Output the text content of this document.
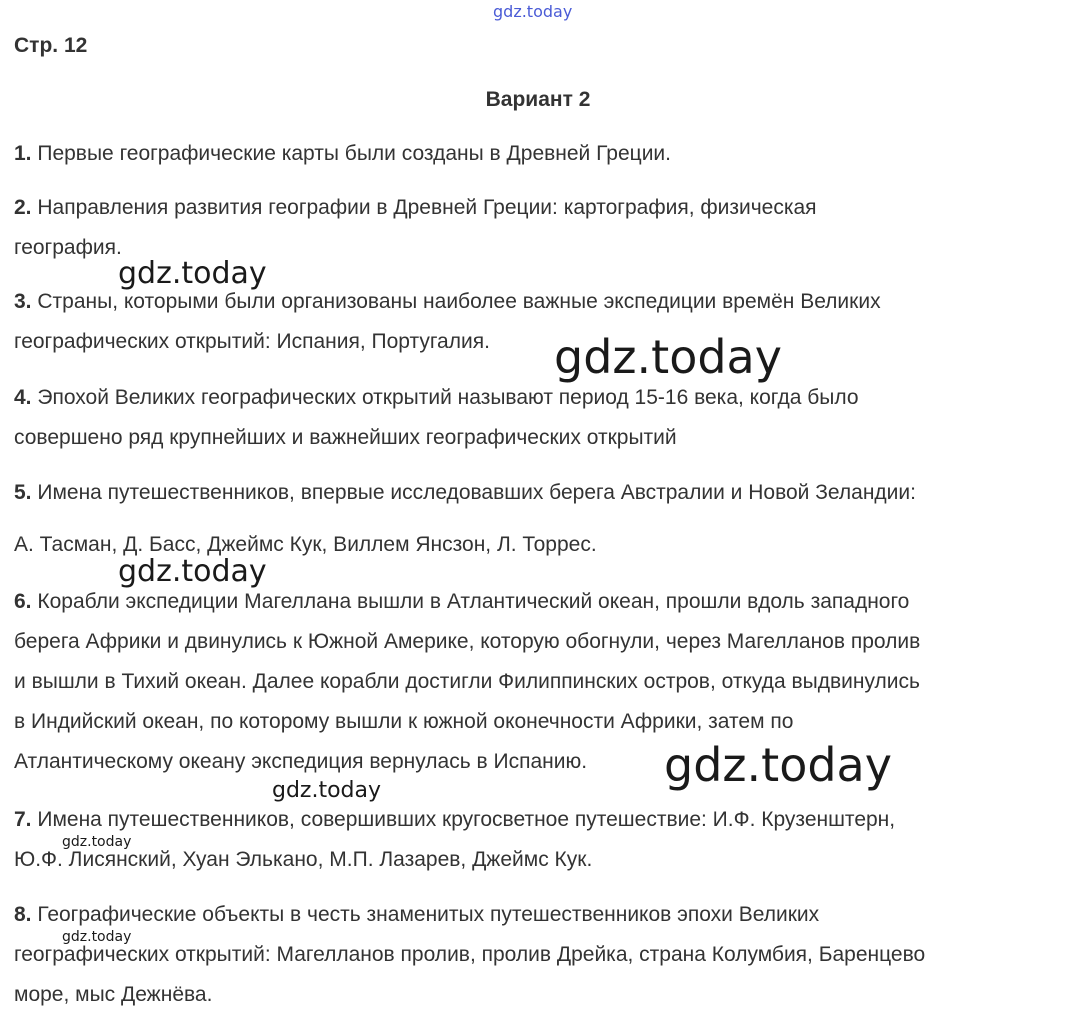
gdz.today
Стр. 12
Вариант 2
1. Первые географические карты были созданы в Древней Греции.
2. Направления развития географии в Древней Греции: картография, физическая
география.
3. Страны, которыми были организованы наиболее важные экспедиции времён Великих
географических открытий: Испания, Португалия.
4. Эпохой Великих географических открытий называют период 15-16 века, когда было
совершено ряд крупнейших и важнейших географических открытий
5. Имена путешественников, впервые исследовавших берега Австралии и Новой Зеландии:
А. Тасман, Д. Басс, Джеймс Кук, Виллем Янсзон, Л. Торрес.
6. Корабли экспедиции Магеллана вышли в Атлантический океан, прошли вдоль западного
берега Африки и двинулись к Южной Америке, которую обогнули, через Магелланов пролив
и вышли в Тихий океан. Далее корабли достигли Филиппинских остров, откуда выдвинулись
в Индийский океан, по которому вышли к южной оконечности Африки, затем по
Атлантическому океану экспедиция вернулась в Испанию.
7. Имена путешественников, совершивших кругосветное путешествие: И.Ф. Крузенштерн,
Ю.Ф. Лисянский, Хуан Элькано, М.П. Лазарев, Джеймс Кук.
8. Географические объекты в честь знаменитых путешественников эпохи Великих
географических открытий: Магелланов пролив, пролив Дрейка, страна Колумбия, Баренцево
море, мыс Дежнёва.
gdz.today
gdz.today
gdz.today
gdz.today
gdz.today
gdz.today
gdz.today
